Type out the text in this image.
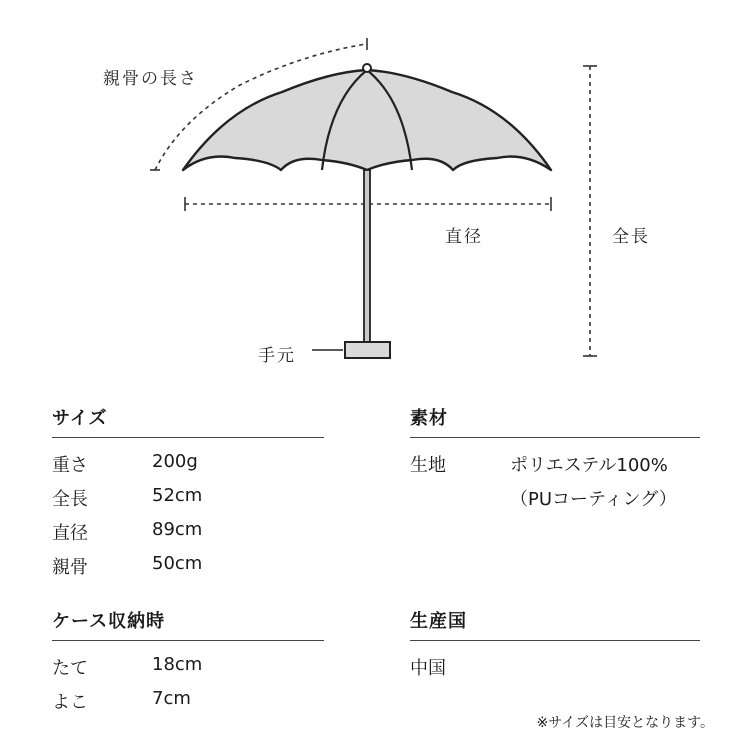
親骨の長さ
直径	全長
手元
サイズ
重さ	200g
全長	52cm
直径	89cm
親骨	50cm
素材
生地	ポリエステル100%
（PUコーティング）
ケース収納時
たて	18cm
よこ	7cm
生産国
中国
※サイズは目安となります。
